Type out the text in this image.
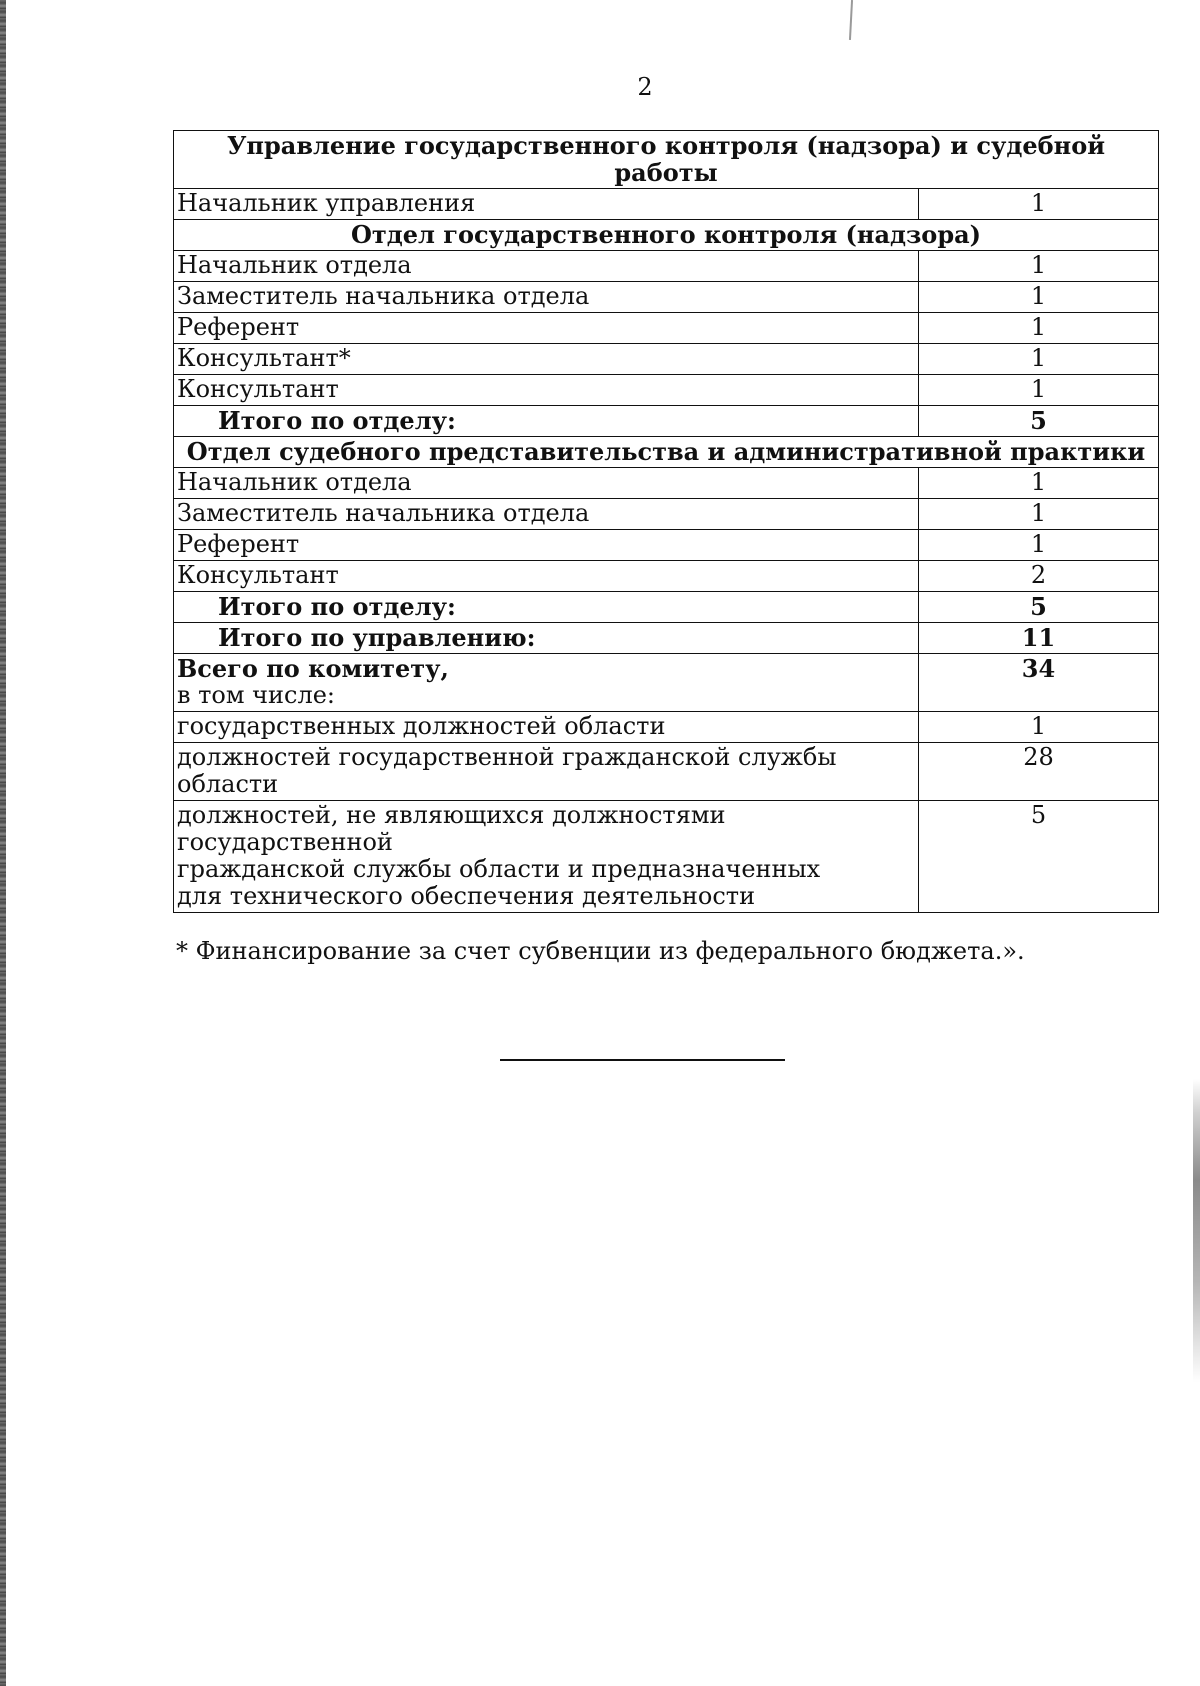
2
Управление государственного контроля (надзора) и судебной работы	
Начальник управления	1
Отдел государственного контроля (надзора)	
Начальник отдела	1
Заместитель начальника отдела	1
Референт	1
Консультант*	1
Консультант	1
Итого по отделу:	5
Отдел судебного представительства и административной практики	
Начальник отдела	1
Заместитель начальника отдела	1
Референт	1
Консультант	2
Итого по отделу:	5
Итого по управлению:	11

Всего по комитету,
в том числе:	34
государственных должностей области	1
должностей государственной гражданской службы области	28

должностей, не являющихся должностями государственной
гражданской службы области и предназначенных
для технического обеспечения деятельности	5
* Финансирование за счет субвенции из федерального бюджета.».
